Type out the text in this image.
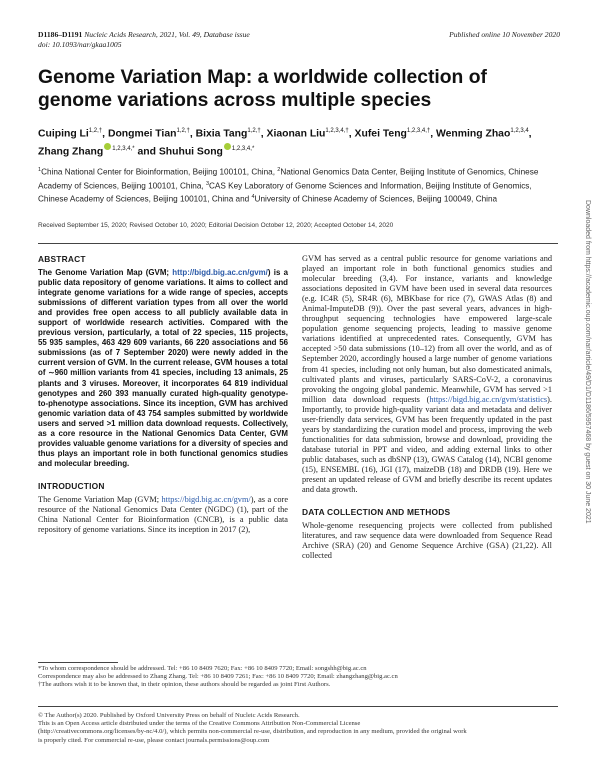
D1186–D1191 Nucleic Acids Research, 2021, Vol. 49, Database issue
doi: 10.1093/nar/gkaa1005
Published online 10 November 2020
Genome Variation Map: a worldwide collection of genome variations across multiple species
Cuiping $Li^{1,2,\dagger}$, Dongmei Tian$^{1,2,\dagger}$, Bixia Tang$^{1,2,\dagger}$, Xiaonan Liu$^{1,2,3,4,\dagger}$, Xufei Teng$^{1,2,3,4,\dagger}$, Wenming Zhao$^{1,2,3,4}$, Zhang Zhang $^{1,2,3,4,*}$ and Shuhui Song $^{1,2,3,4,*}$
$^1$China National Center for Bioinformation, Beijing 100101, China, $^2$National Genomics Data Center, Beijing Institute of Genomics, Chinese Academy of Sciences, Beijing 100101, China, $^3$CAS Key Laboratory of Genome Sciences and Information, Beijing Institute of Genomics, Chinese Academy of Sciences, Beijing 100101, China and $^4$University of Chinese Academy of Sciences, Beijing 100049, China
Received September 15, 2020; Revised October 10, 2020; Editorial Decision October 12, 2020; Accepted October 14, 2020
ABSTRACT

The Genome Variation Map (GVM; http://bigd.big.ac.cn/gvm/) is a public data repository of genome variations. It aims to collect and integrate genome variations for a wide range of species, accepts submissions of different variation types from all over the world and provides free open access to all publicly available data in support of worldwide research activities. Compared with the previous version, particularly, a total of 22 species, 115 projects, 55 935 samples, 463 429 609 variants, 66 220 associations and 56 submissions (as of 7 September 2020) were newly added in the current version of GVM. In the current release, GVM houses a total of ∼960 million variants from 41 species, including 13 animals, 25 plants and 3 viruses. Moreover, it incorporates 64 819 individual genotypes and 260 393 manually curated high-quality genotype-to-phenotype associations. Since its inception, GVM has archived genomic variation data of 43 754 samples submitted by worldwide users and served >1 million data download requests. Collectively, as a core resource in the National Genomics Data Center, GVM provides valuable genome variations for a diversity of species and thus plays an important role in both functional genomics studies and molecular breeding.

INTRODUCTION

The Genome Variation Map (GVM; https://bigd.big.ac.cn/gvm/), as a core resource of the National Genomics Data Center (NGDC) (1), part of the China National Center for Bioinformation (CNCB), is a public data repository of genome variations. Since its inception in 2017 (2),

GVM has served as a central public resource for genome variations and played an important role in both functional genomics studies and molecular breeding (3,4). For instance, variants and knowledge associations deposited in GVM have been used in several data resources (e.g. IC4R (5), SR4R (6), MBKbase for rice (7), GWAS Atlas (8) and Animal-ImputeDB (9)). Over the past several years, advances in high-throughput sequencing technologies have empowered large-scale population genome sequencing projects, leading to massive genome variations identified at unprecedented rates. Consequently, GVM has accepted >50 data submissions (10–12) from all over the world, and as of September 2020, accordingly housed a large number of genome variations from 41 species, including not only human, but also domesticated animals, cultivated plants and viruses, particularly SARS-CoV-2, a coronavirus provoking the ongoing global pandemic. Meanwhile, GVM has served >1 million data download requests (https://bigd.big.ac.cn/gvm/statistics). Importantly, to provide high-quality variant data and metadata and deliver user-friendly data services, GVM has been frequently updated in the past years by standardizing the curation model and process, improving the web functionalities for data submission, browse and download, providing the database tutorial in PPT and video, and adding external links to other public databases, such as dbSNP (13), GWAS Catalog (14), NCBI genome (15), ENSEMBL (16), JGI (17), maizeDB (18) and DRDB (19). Here we present an updated release of GVM and briefly describe its recent updates and data growth.

DATA COLLECTION AND METHODS

Whole-genome resequencing projects were collected from published literatures, and raw sequence data were downloaded from Sequence Read Archive (SRA) (20) and Genome Sequence Archive (GSA) (21,22). All collected

*To whom correspondence should be addressed. Tel: +86 10 8409 7620; Fax: +86 10 8409 7720; Email: songshh@big.ac.cn
Correspondence may also be addressed to Zhang Zhang. Tel: +86 10 8409 7261; Fax: +86 10 8409 7720; Email: zhangzhang@big.ac.cn
†The authors wish it to be known that, in their opinion, these authors should be regarded as joint First Authors.
© The Author(s) 2020. Published by Oxford University Press on behalf of Nucleic Acids Research.
This is an Open Access article distributed under the terms of the Creative Commons Attribution Non-Commercial License
(http://creativecommons.org/licenses/by-nc/4.0/), which permits non-commercial re-use, distribution, and reproduction in any medium, provided the original work
is properly cited. For commercial re-use, please contact journals.permissions@oup.com
Downloaded from https://academic.oup.com/nar/article/49/D1/D1186/5957468 by guest on 30 June 2021
